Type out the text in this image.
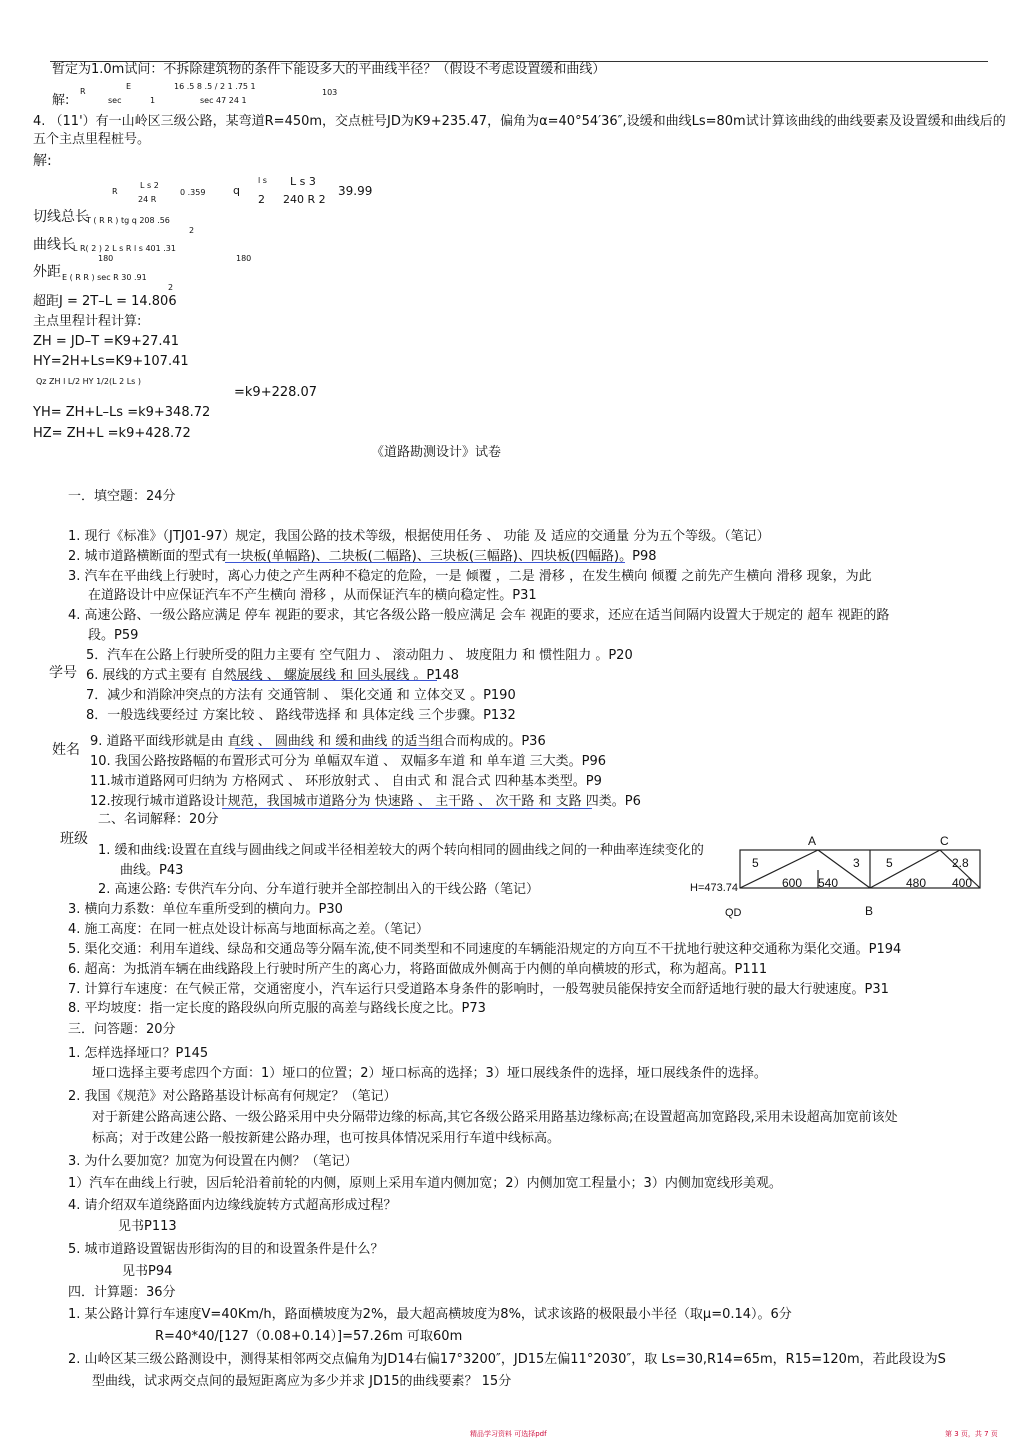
暂定为1.0m试问：不拆除建筑物的条件下能设多大的平曲线半径？（假设不考虑设置缓和曲线）
解:
R
E
sec	1
16 .5 8 .5 / 2 1 .75 1
sec 47 24 1
103
4. （11'）有一山岭区三级公路，某弯道R=450m，交点桩号JD为K9+235.47，偏角为α=40°54′36″,设缓和曲线Ls=80m试计算该曲线的曲线要素及设置缓和曲线后的
五个主点里程桩号。
解:
R
L s 2
24 R
0 .359	q
l s
2
L s 3
240 R 2
39.99
切线总长
T ( R R ) tg q 208 .56
2
曲线长
L R( 2 ) 2 L s R l s 401 .31
180	180
外距 E ( R R ) sec R 30 .91
2
超距J = 2T–L = 14.806
主点里程计程计算:
ZH = JD–T =K9+27.41
HY=2H+Ls=K9+107.41
Qz ZH l L/2 HY 1/2(L 2 Ls )
=k9+228.07
YH= ZH+L–Ls =k9+348.72
HZ= ZH+L =k9+428.72
《道路勘测设计》试卷
一．填空题：24分
1. 现行《标准》（JTJ01-97）规定，我国公路的技术等级，根据使用任务 、 功能 及 适应的交通量 分为五个等级。（笔记）
2. 城市道路横断面的型式有一块板(单幅路)、二块板(二幅路)、三块板(三幅路)、四块板(四幅路)。P98
3. 汽车在平曲线上行驶时，离心力使之产生两种不稳定的危险，一是 倾覆 ，二是 滑移 ，在发生横向 倾覆 之前先产生横向 滑移 现象，为此
在道路设计中应保证汽车不产生横向 滑移 ，从而保证汽车的横向稳定性。P31
4. 高速公路、一级公路应满足 停车 视距的要求，其它各级公路一般应满足 会车 视距的要求，还应在适当间隔内设置大于规定的 超车 视距的路
段。P59
5．汽车在公路上行驶所受的阻力主要有 空气阻力 、 滚动阻力 、 坡度阻力 和 惯性阻力 。P20
6. 展线的方式主要有 自然展线 、 螺旋展线 和 回头展线 。P148
7．减少和消除冲突点的方法有 交通管制 、 渠化交通 和 立体交叉 。P190
8．一般选线要经过 方案比较 、 路线带选择 和 具体定线 三个步骤。P132
9. 道路平面线形就是由 直线 、 圆曲线 和 缓和曲线 的适当组合而构成的。P36
10. 我国公路按路幅的布置形式可分为 单幅双车道 、 双幅多车道 和 单车道 三大类。P96
11.城市道路网可归纳为 方格网式 、 环形放射式 、 自由式 和 混合式 四种基本类型。P9
12.按现行城市道路设计规范，我国城市道路分为 快速路 、 主干路 、 次干路 和 支路 四类。P6
学号
姓名
班级
二、名词解释：20分
1. 缓和曲线:设置在直线与圆曲线之间或半径相差较大的两个转向相同的圆曲线之间的一种曲率连续变化的
曲线。P43
2. 高速公路: 专供汽车分向、分车道行驶并全部控制出入的干线公路（笔记）
3. 横向力系数：单位车重所受到的横向力。P30
4. 施工高度：在同一桩点处设计标高与地面标高之差。（笔记）
5. 渠化交通：利用车道线、绿岛和交通岛等分隔车流,使不同类型和不同速度的车辆能沿规定的方向互不干扰地行驶这种交通称为渠化交通。P194
6. 超高：为抵消车辆在曲线路段上行驶时所产生的离心力，将路面做成外侧高于内侧的单向横坡的形式，称为超高。P111
7. 计算行车速度：在气候正常，交通密度小，汽车运行只受道路本身条件的影响时，一般驾驶员能保持安全而舒适地行驶的最大行驶速度。P31
8. 平均坡度：指一定长度的路段纵向所克服的高差与路线长度之比。P73
A	C
B
5	3 5	2.8
600 540	480 400
H=473.74
QD
三．问答题：20分
1. 怎样选择垭口？P145
垭口选择主要考虑四个方面：1）垭口的位置；2）垭口标高的选择；3）垭口展线条件的选择，垭口展线条件的选择。
2. 我国《规范》对公路路基设计标高有何规定？（笔记）
对于新建公路高速公路、一级公路采用中央分隔带边缘的标高,其它各级公路采用路基边缘标高;在设置超高加宽路段,采用未设超高加宽前该处
标高；对于改建公路一般按新建公路办理，也可按具体情况采用行车道中线标高。
3. 为什么要加宽？加宽为何设置在内侧？（笔记）
1）汽车在曲线上行驶，因后轮沿着前轮的内侧，原则上采用车道内侧加宽；2）内侧加宽工程量小；3）内侧加宽线形美观。
4. 请介绍双车道绕路面内边缘线旋转方式超高形成过程？
见书P113
5. 城市道路设置锯齿形街沟的目的和设置条件是什么？
见书P94
四．计算题：36分
1. 某公路计算行车速度V=40Km/h，路面横坡度为2%，最大超高横坡度为8%，试求该路的极限最小半径（取μ=0.14）。6分
R=40*40/[127（0.08+0.14）]=57.26m 可取60m
2. 山岭区某三级公路测设中，测得某相邻两交点偏角为JD14右偏17°3200″，JD15左偏11°2030″，取 Ls=30,R14=65m，R15=120m，若此段设为S
型曲线，试求两交点间的最短距离应为多少并求 JD15的曲线要素？ 15分
精品学习资料 可选择pdf	第 3 页，共 7 页
